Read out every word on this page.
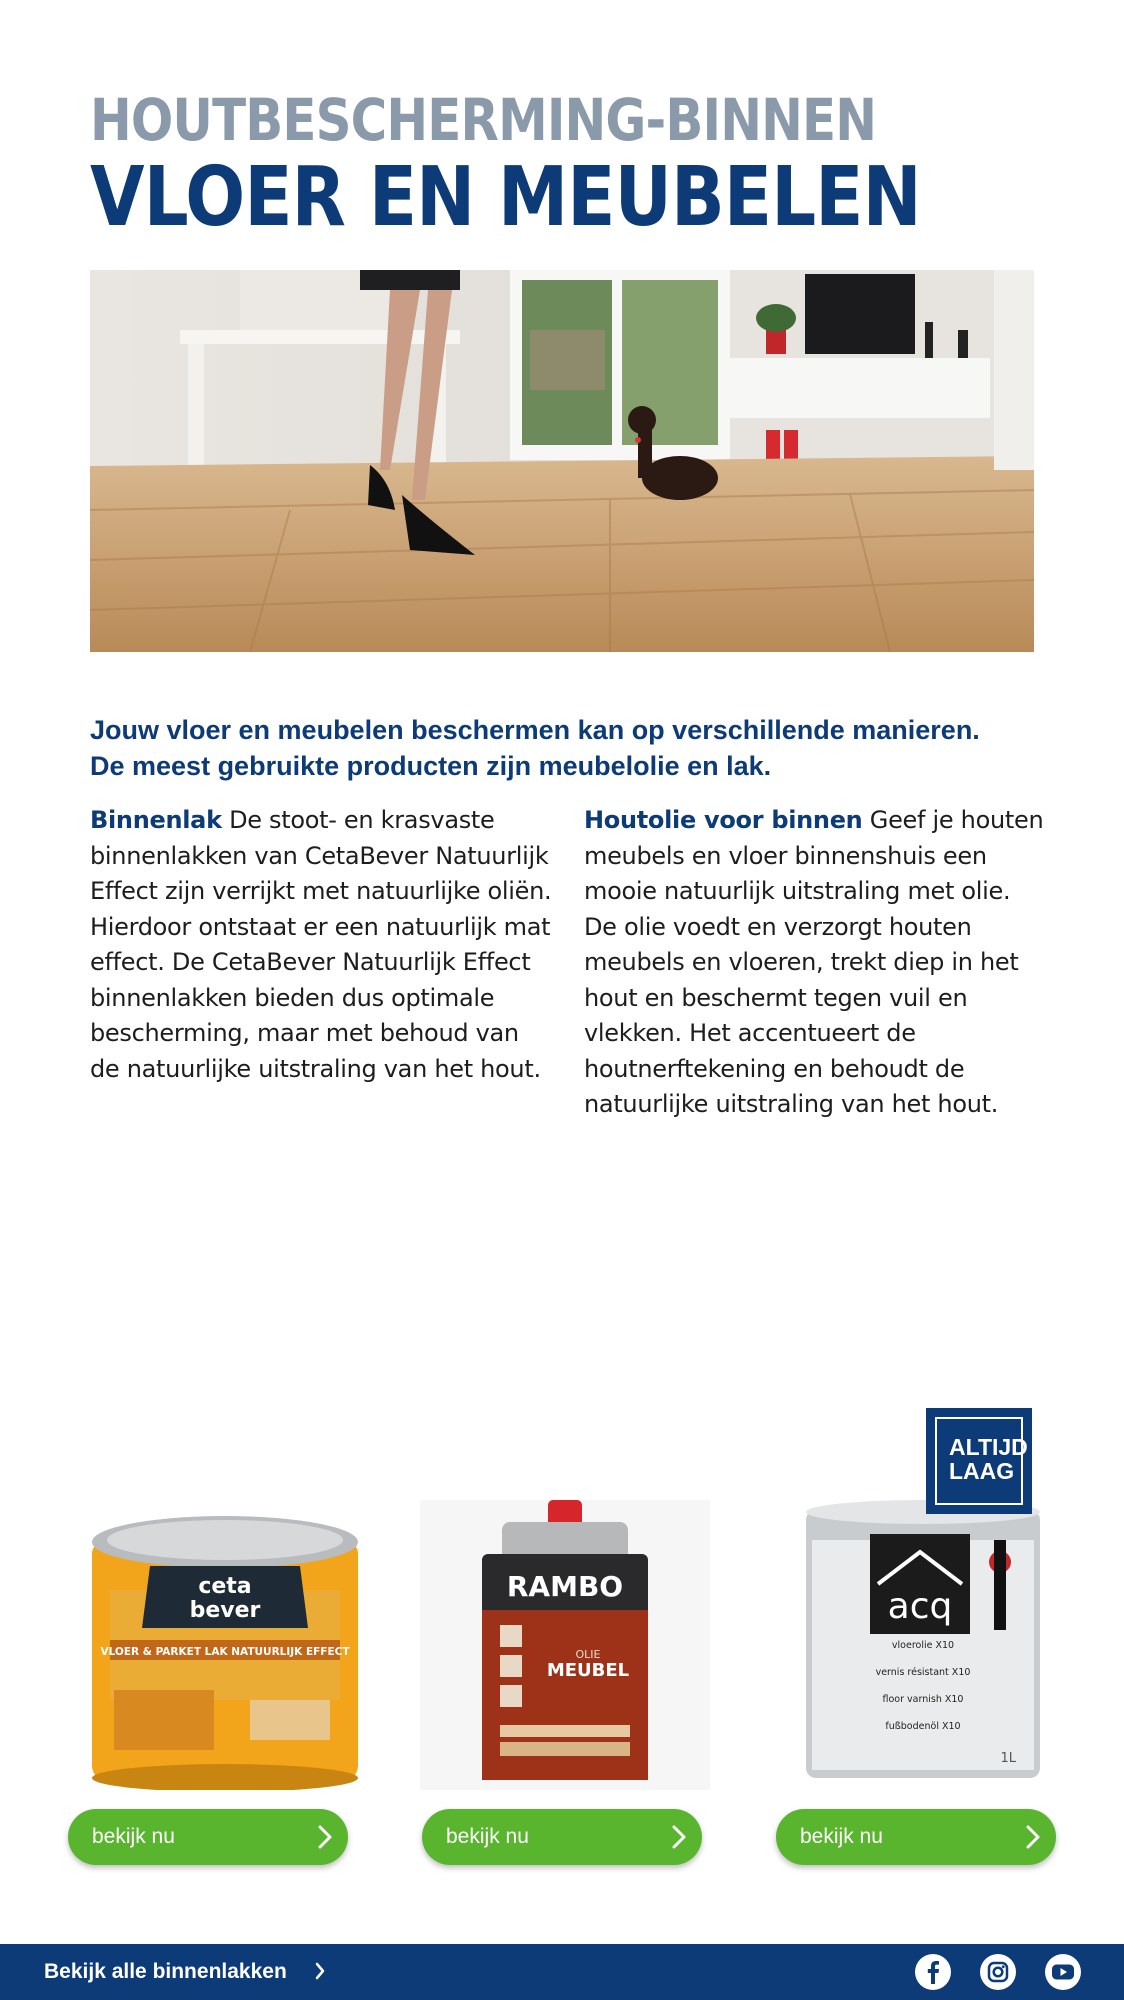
HOUTBESCHERMING-BINNEN
VLOER EN MEUBELEN

Jouw vloer en meubelen beschermen kan op verschillende manieren.
De meest gebruikte producten zijn meubelolie en lak.

Binnenlak De stoot- en krasvaste binnenlakken van CetaBever Natuurlijk Effect zijn verrijkt met natuurlijke oliën. Hierdoor ontstaat er een natuurlijk mat effect. De CetaBever Natuurlijk Effect binnenlakken bieden dus optimale bescherming, maar met behoud van de natuurlijke uitstraling van het hout.

Houtolie voor binnen Geef je houten meubels en vloer binnenshuis een mooie natuurlijk uitstraling met olie. De olie voedt en verzorgt houten meubels en vloeren, trekt diep in het hout en beschermt tegen vuil en vlekken. Het accentueert de houtnerftekening en behoudt de natuurlijke uitstraling van het hout.

ceta
bever
VLOER & PARKET LAK NATUURLIJK EFFECT
RAMBO
OLIE
MEUBEL
acq
vloerolie X10
vernis résistant X10
floor varnish X10
fußbodenöl X10
1L
ALTIJD
LAAG
bekijk nu	bekijk nu	bekijk nu
Bekijk alle binnenlakken
